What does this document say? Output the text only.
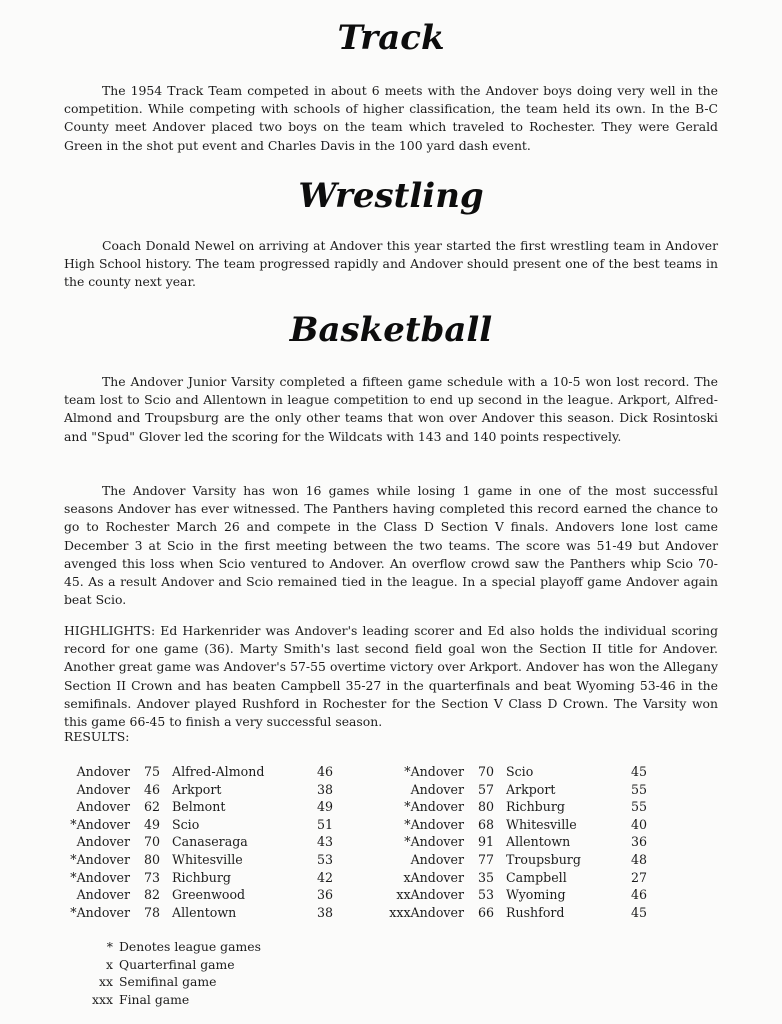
Track

The 1954 Track Team competed in about 6 meets with the Andover boys doing very well in the competition. While competing with schools of higher classification, the team held its own. In the B-C County meet Andover placed two boys on the team which traveled to Rochester. They were Gerald Green in the shot put event and Charles Davis in the 100 yard dash event.

Wrestling

Coach Donald Newel on arriving at Andover this year started the first wrestling team in Andover High School history. The team progressed rapidly and Andover should present one of the best teams in the county next year.

Basketball

The Andover Junior Varsity completed a fifteen game schedule with a 10-5 won lost record. The team lost to Scio and Allentown in league competition to end up second in the league. Arkport, Alfred-Almond and Troupsburg are the only other teams that won over Andover this season. Dick Rosintoski and "Spud" Glover led the scoring for the Wildcats with 143 and 140 points respectively.

The Andover Varsity has won 16 games while losing 1 game in one of the most successful seasons Andover has ever witnessed. The Panthers having completed this record earned the chance to go to Rochester March 26 and compete in the Class D Section V finals. Andovers lone lost came December 3 at Scio in the first meeting between the two teams. The score was 51-49 but Andover avenged this loss when Scio ventured to Andover. An overflow crowd saw the Panthers whip Scio 70-45. As a result Andover and Scio remained tied in the league. In a special playoff game Andover again beat Scio.

HIGHLIGHTS: Ed Harkenrider was Andover's leading scorer and Ed also holds the individual scoring record for one game (36). Marty Smith's last second field goal won the Section II title for Andover. Another great game was Andover's 57-55 overtime victory over Arkport. Andover has won the Allegany Section II Crown and has beaten Campbell 35-27 in the quarterfinals and beat Wyoming 53-46 in the semifinals. Andover played Rushford in Rochester for the Section V Class D Crown. The Varsity won this game 66-45 to finish a very successful season.

RESULTS:

Andover	75	Alfred-Almond	46
Andover	46	Arkport	38
Andover	62	Belmont	49
*Andover	49	Scio	51
Andover	70	Canaseraga	43
*Andover	80	Whitesville	53
*Andover	73	Richburg	42
Andover	82	Greenwood	36
*Andover	78	Allentown	38
*Andover	70	Scio	45
Andover	57	Arkport	55
*Andover	80	Richburg	55
*Andover	68	Whitesville	40
*Andover	91	Allentown	36
Andover	77	Troupsburg	48
xAndover	35	Campbell	27
xxAndover	53	Wyoming	46
xxxAndover	66	Rushford	45
* Denotes league games
x Quarterfinal game
xx Semifinal game
xxx Final game
